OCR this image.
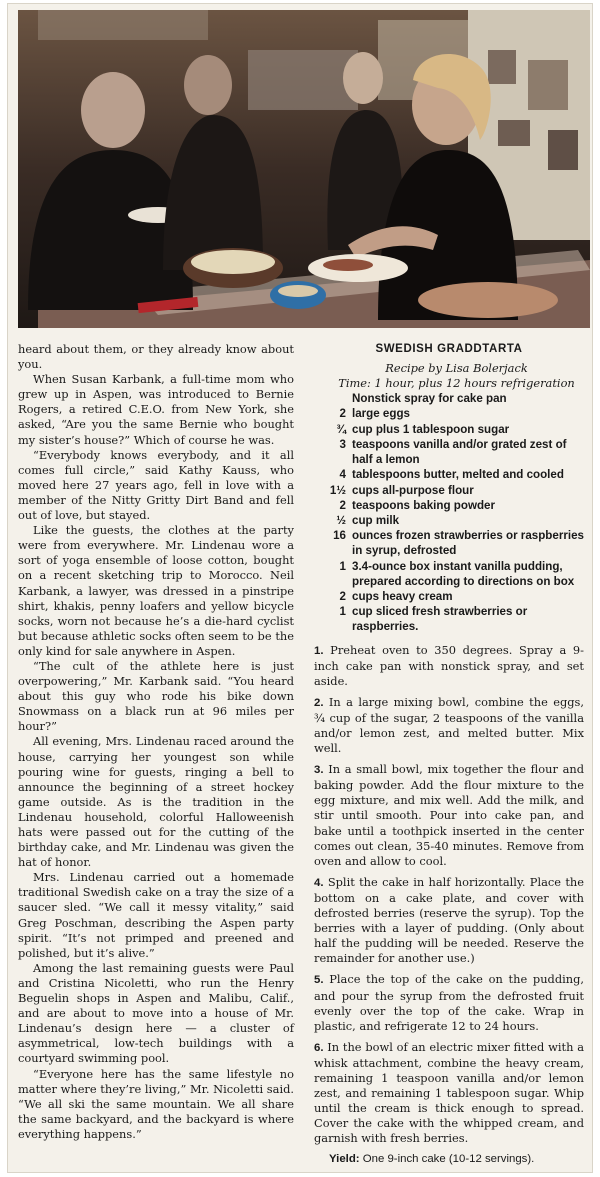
heard about them, or they already know about you.

When Susan Karbank, a full-time mom who grew up in Aspen, was introduced to Bernie Rogers, a retired C.E.O. from New York, she asked, “Are you the same Bernie who bought my sister’s house?” Which of course he was.

“Everybody knows everybody, and it all comes full circle,” said Kathy Kauss, who moved here 27 years ago, fell in love with a member of the Nitty Gritty Dirt Band and fell out of love, but stayed.

Like the guests, the clothes at the party were from everywhere. Mr. Lindenau wore a sort of yoga ensemble of loose cotton, bought on a recent sketching trip to Morocco. Neil Karbank, a lawyer, was dressed in a pinstripe shirt, khakis, penny loafers and yellow bicycle socks, worn not because he’s a die-hard cyclist but because athletic socks often seem to be the only kind for sale anywhere in Aspen.

“The cult of the athlete here is just overpowering,” Mr. Karbank said. “You heard about this guy who rode his bike down Snowmass on a black run at 96 miles per hour?”

All evening, Mrs. Lindenau raced around the house, carrying her youngest son while pouring wine for guests, ringing a bell to announce the beginning of a street hockey game outside. As is the tradition in the Lindenau household, colorful Halloweenish hats were passed out for the cutting of the birthday cake, and Mr. Lindenau was given the hat of honor.

Mrs. Lindenau carried out a homemade traditional Swedish cake on a tray the size of a saucer sled. “We call it messy vitality,” said Greg Poschman, describing the Aspen party spirit. “It’s not primped and preened and polished, but it’s alive.”

Among the last remaining guests were Paul and Cristina Nicoletti, who run the Henry Beguelin shops in Aspen and Malibu, Calif., and are about to move into a house of Mr. Lindenau’s design here — a cluster of asymmetrical, low-tech buildings with a courtyard swimming pool.

“Everyone here has the same lifestyle no matter where they’re living,” Mr. Nicoletti said. “We all ski the same mountain. We all share the same backyard, and the backyard is where everything happens.”

SWEDISH GRADDTARTA

Recipe by Lisa Bolerjack

Time: 1 hour, plus 12 hours refrigeration

Nonstick spray for cake pan
2 large eggs
¾ cup plus 1 tablespoon sugar
3 teaspoons vanilla and/or grated zest of half a lemon
4 tablespoons butter, melted and cooled
1½ cups all-purpose flour
2 teaspoons baking powder
½ cup milk
16 ounces frozen strawberries or raspberries in syrup, defrosted
1 3.4-ounce box instant vanilla pudding, prepared according to directions on box
2 cups heavy cream
1 cup sliced fresh strawberries or raspberries.
1. Preheat oven to 350 degrees. Spray a 9-inch cake pan with nonstick spray, and set aside.
2. In a large mixing bowl, combine the eggs, ¾ cup of the sugar, 2 teaspoons of the vanilla and/or lemon zest, and melted butter. Mix well.
3. In a small bowl, mix together the flour and baking powder. Add the flour mixture to the egg mixture, and mix well. Add the milk, and stir until smooth. Pour into cake pan, and bake until a toothpick inserted in the center comes out clean, 35-40 minutes. Remove from oven and allow to cool.
4. Split the cake in half horizontally. Place the bottom on a cake plate, and cover with defrosted berries (reserve the syrup). Top the berries with a layer of pudding. (Only about half the pudding will be needed. Reserve the remainder for another use.)
5. Place the top of the cake on the pudding, and pour the syrup from the defrosted fruit evenly over the top of the cake. Wrap in plastic, and refrigerate 12 to 24 hours.
6. In the bowl of an electric mixer fitted with a whisk attachment, combine the heavy cream, remaining 1 teaspoon vanilla and/or lemon zest, and remaining 1 tablespoon sugar. Whip until the cream is thick enough to spread. Cover the cake with the whipped cream, and garnish with fresh berries.

Yield: One 9-inch cake (10-12 servings).
